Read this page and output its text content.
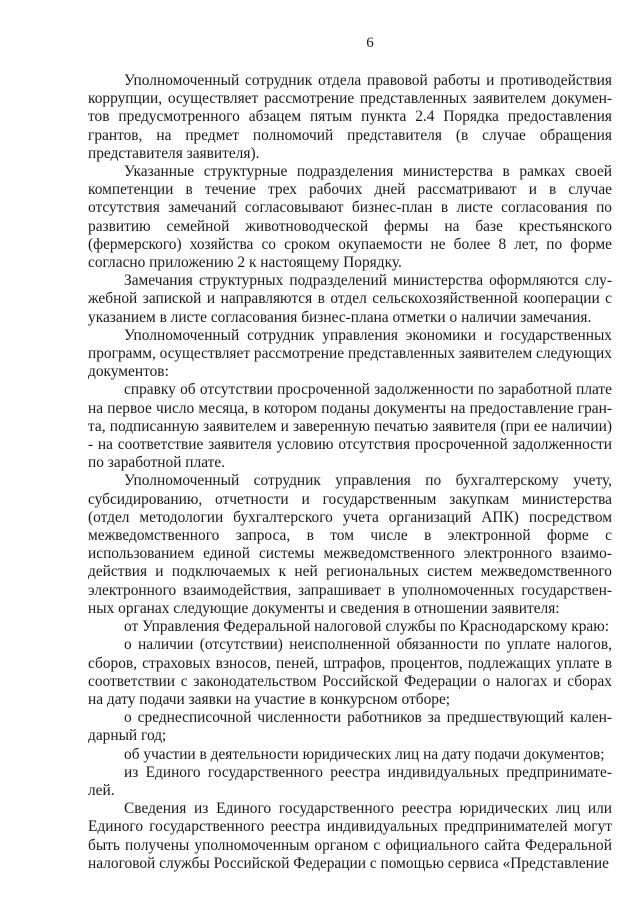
6

Уполномоченный сотрудник отдела правовой работы и противодействия коррупции, осуществляет рассмотрение представленных заявителем документов предусмотренного абзацем пятым пункта 2.4 Порядка предоставления грантов, на предмет полномочий представителя (в случае обращения представителя заявителя).

Указанные структурные подразделения министерства в рамках своей компетенции в течение трех рабочих дней рассматривают и в случае отсутствия замечаний согласовывают бизнес-план в листе согласования по развитию семейной животноводческой фермы на базе крестьянского (фермерского) хозяйства со сроком окупаемости не более 8 лет, по форме согласно приложению 2 к настоящему Порядку.

Замечания структурных подразделений министерства оформляются служебной запиской и направляются в отдел сельскохозяйственной кооперации с указанием в листе согласования бизнес-плана отметки о наличии замечания.

Уполномоченный сотрудник управления экономики и государственных программ, осуществляет рассмотрение представленных заявителем следующих документов:

справку об отсутствии просроченной задолженности по заработной плате на первое число месяца, в котором поданы документы на предоставление гранта, подписанную заявителем и заверенную печатью заявителя (при ее наличии) - на соответствие заявителя условию отсутствия просроченной задолженности по заработной плате.

Уполномоченный сотрудник управления по бухгалтерскому учету, субсидированию, отчетности и государственным закупкам министерства (отдел методологии бухгалтерского учета организаций АПК) посредством межведомственного запроса, в том числе в электронной форме с использованием единой системы межведомственного электронного взаимодействия и подключаемых к ней региональных систем межведомственного электронного взаимодействия, запрашивает в уполномоченных государственных органах следующие документы и сведения в отношении заявителя:

от Управления Федеральной налоговой службы по Краснодарскому краю:

о наличии (отсутствии) неисполненной обязанности по уплате налогов, сборов, страховых взносов, пеней, штрафов, процентов, подлежащих уплате в соответствии с законодательством Российской Федерации о налогах и сборах на дату подачи заявки на участие в конкурсном отборе;

о среднесписочной численности работников за предшествующий календарный год;

об участии в деятельности юридических лиц на дату подачи документов;

из Единого государственного реестра индивидуальных предпринимателей.

Сведения из Единого государственного реестра юридических лиц или Единого государственного реестра индивидуальных предпринимателей могут быть получены уполномоченным органом с официального сайта Федеральной налоговой службы Российской Федерации с помощью сервиса «Представление
